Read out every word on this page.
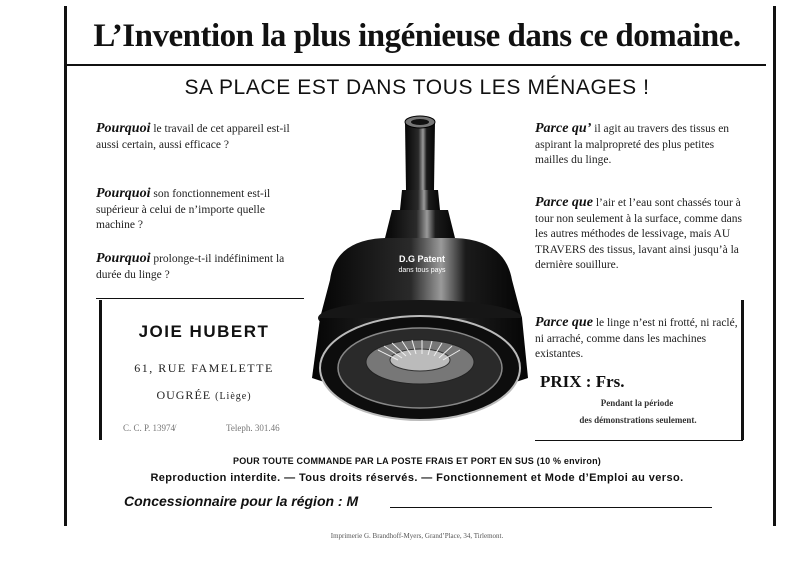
L’Invention la plus ingénieuse dans ce domaine.
SA PLACE EST DANS TOUS LES MÉNAGES !
Pourquoi le travail de cet appareil est-il aussi certain, aussi efficace ?
Pourquoi son fonctionnement est-il supérieur à celui de n’importe quelle machine ?
Pourquoi prolonge-t-il indéfiniment la durée du linge ?
Parce qu’ il agit au travers des tissus en aspirant la malpropreté des plus petites mailles du linge.
Parce que l’air et l’eau sont chassés tour à tour non seulement à la surface, comme dans les autres méthodes de lessivage, mais AU TRAVERS des tissus, lavant ainsi jusqu’à la dernière souillure.
Parce que le linge n’est ni frotté, ni raclé, ni arraché, comme dans les machines existantes.
JOIE HUBERT
61, RUE FAMELETTE
OUGRÉE (Liège)
C. C. P. 13974̸	Teleph. 301.46
D.G Patent
dans tous pays
PRIX : Frs.
Pendant la période
des démonstrations seulement.
POUR TOUTE COMMANDE PAR LA POSTE FRAIS ET PORT EN SUS (10 % environ)
Reproduction interdite. — Tous droits réservés. — Fonctionnement et Mode d’Emploi au verso.
Concessionnaire pour la région : M
Imprimerie G. Brandhoff-Myers, Grand’Place, 34, Tirlemont.
